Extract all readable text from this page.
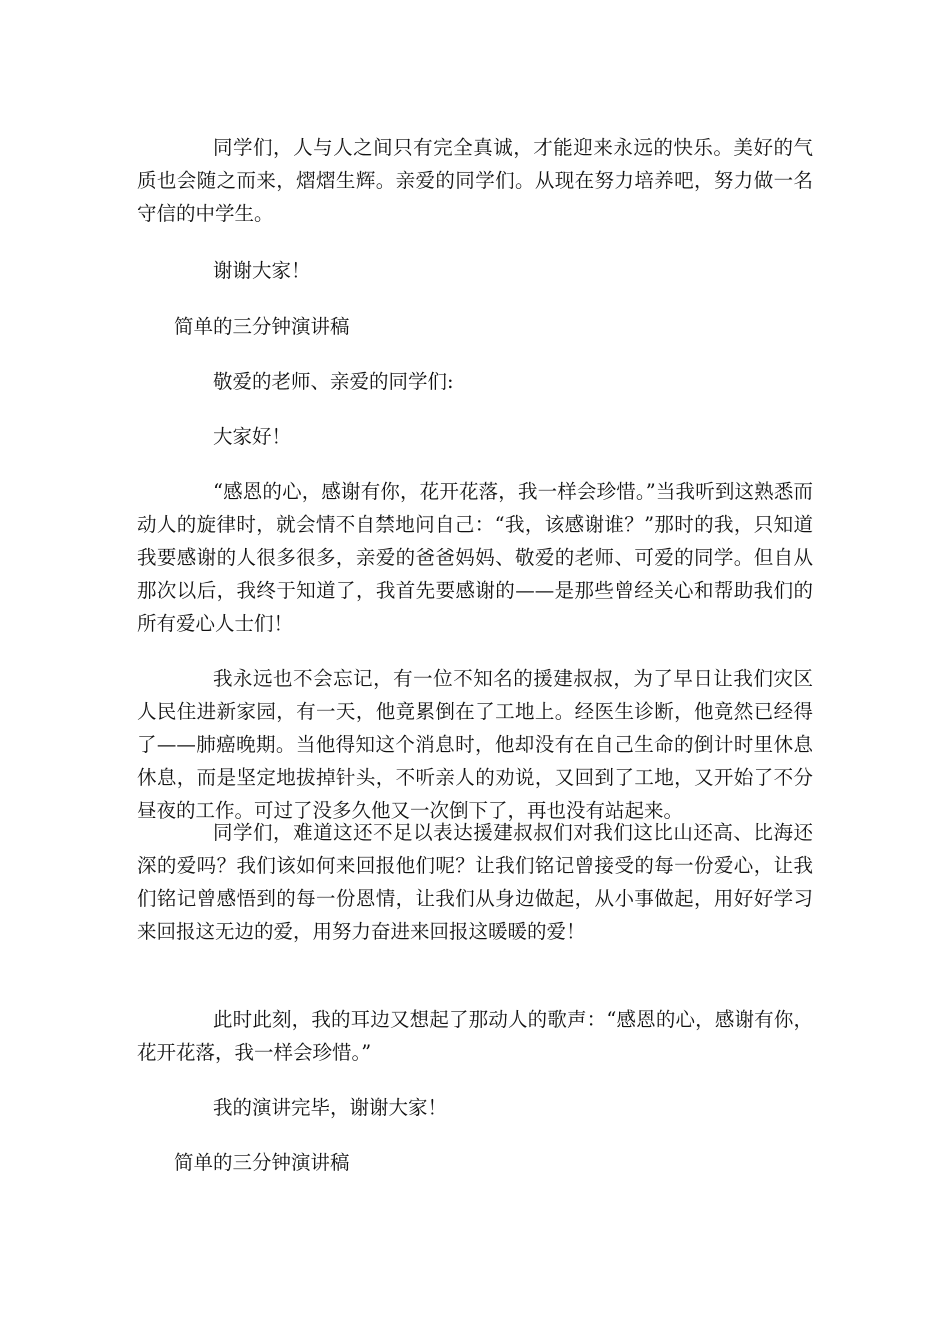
同学们，人与人之间只有完全真诚，才能迎来永远的快乐。美好的气质也会随之而来，熠熠生辉。亲爱的同学们。从现在努力培养吧，努力做一名守信的中学生。

谢谢大家！

简单的三分钟演讲稿

敬爱的老师、亲爱的同学们:

大家好！

“感恩的心，感谢有你，花开花落，我一样会珍惜。”当我听到这熟悉而动人的旋律时，就会情不自禁地问自己：“我，该感谢谁？”那时的我，只知道我要感谢的人很多很多，亲爱的爸爸妈妈、敬爱的老师、可爱的同学。但自从那次以后，我终于知道了，我首先要感谢的——是那些曾经关心和帮助我们的所有爱心人士们！

我永远也不会忘记，有一位不知名的援建叔叔，为了早日让我们灾区人民住进新家园，有一天，他竟累倒在了工地上。经医生诊断，他竟然已经得了——肺癌晚期。当他得知这个消息时，他却没有在自己生命的倒计时里休息休息，而是坚定地拔掉针头，不听亲人的劝说，又回到了工地，又开始了不分昼夜的工作。可过了没多久他又一次倒下了，再也没有站起来。

同学们，难道这还不足以表达援建叔叔们对我们这比山还高、比海还深的爱吗？我们该如何来回报他们呢？让我们铭记曾接受的每一份爱心，让我们铭记曾感悟到的每一份恩情，让我们从身边做起，从小事做起，用好好学习来回报这无边的爱，用努力奋进来回报这暖暖的爱！

此时此刻，我的耳边又想起了那动人的歌声：“感恩的心，感谢有你，花开花落，我一样会珍惜。”

我的演讲完毕，谢谢大家！

简单的三分钟演讲稿
